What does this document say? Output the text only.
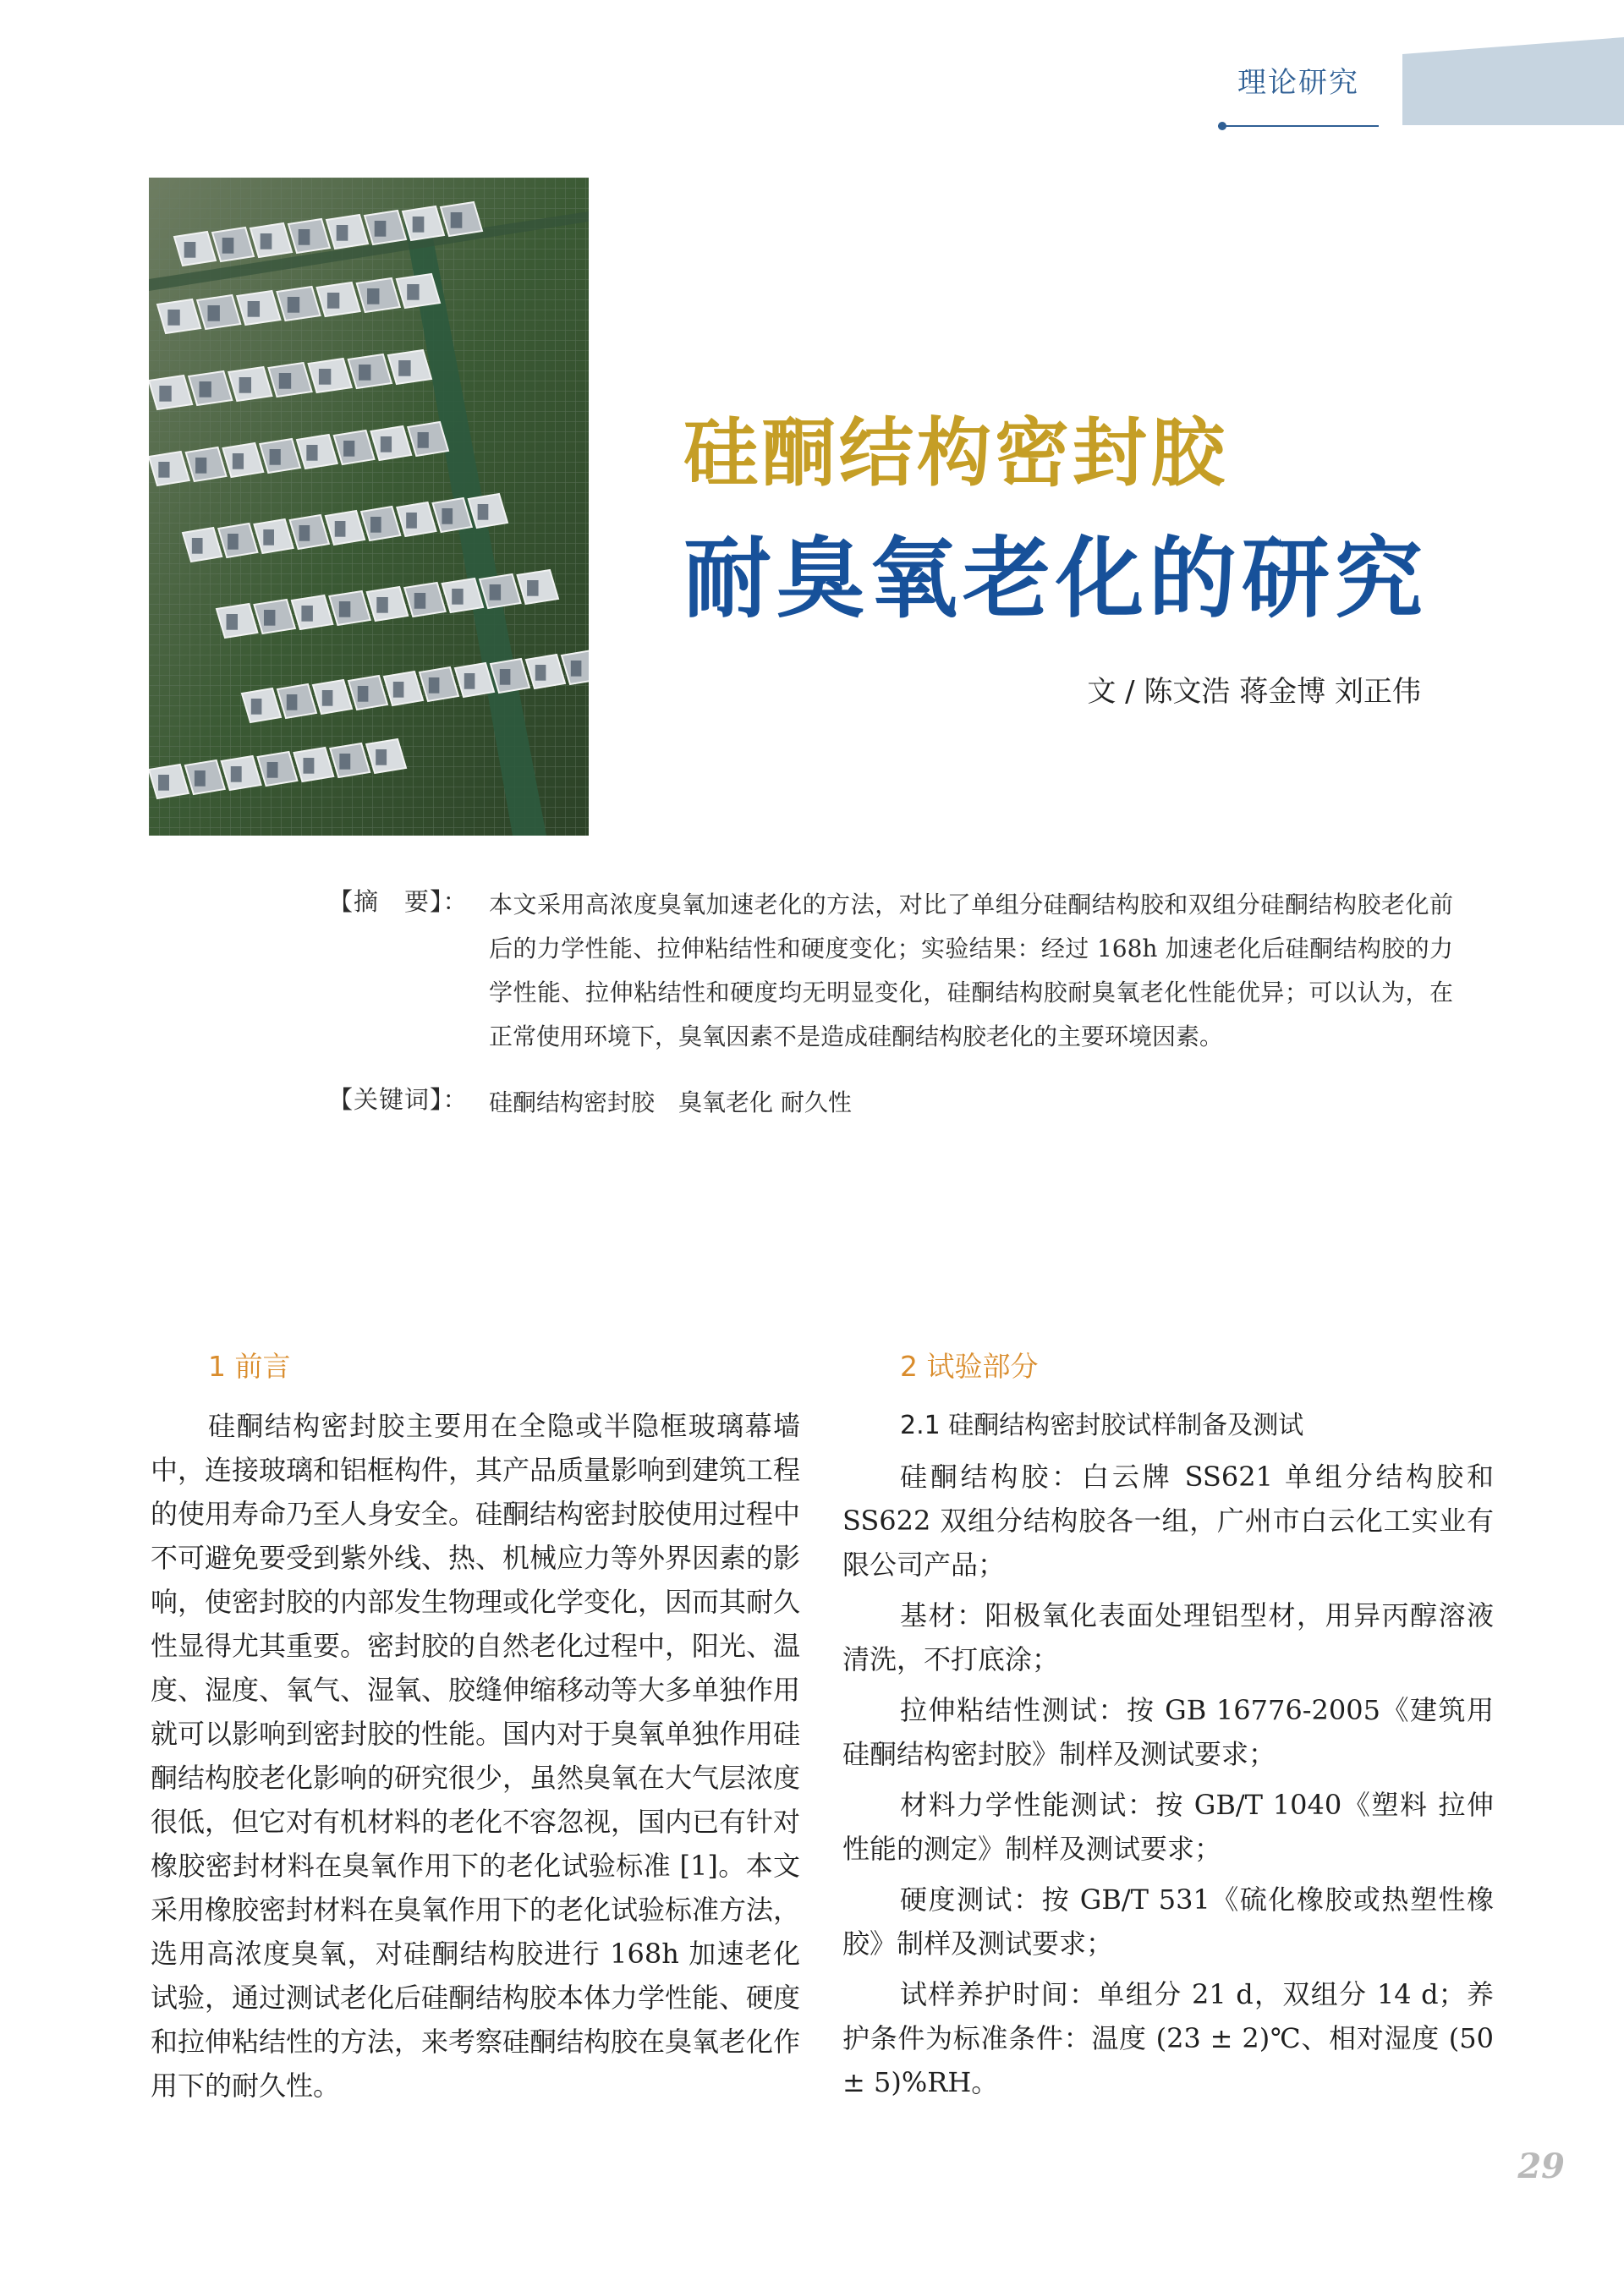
理论研究
硅酮结构密封胶
耐臭氧老化的研究
文 / 陈文浩 蒋金博 刘正伟
【摘　要】： 本文采用高浓度臭氧加速老化的方法，对比了单组分硅酮结构胶和双组分硅酮结构胶老化前后的力学性能、拉伸粘结性和硬度变化；实验结果：经过 168h 加速老化后硅酮结构胶的力学性能、拉伸粘结性和硬度均无明显变化，硅酮结构胶耐臭氧老化性能优异；可以认为，在正常使用环境下，臭氧因素不是造成硅酮结构胶老化的主要环境因素。
【关键词】： 硅酮结构密封胶　臭氧老化 耐久性
1 前言

硅酮结构密封胶主要用在全隐或半隐框玻璃幕墙中，连接玻璃和铝框构件，其产品质量影响到建筑工程的使用寿命乃至人身安全。硅酮结构密封胶使用过程中不可避免要受到紫外线、热、机械应力等外界因素的影响，使密封胶的内部发生物理或化学变化，因而其耐久性显得尤其重要。密封胶的自然老化过程中，阳光、温度、湿度、氧气、湿氧、胶缝伸缩移动等大多单独作用就可以影响到密封胶的性能。国内对于臭氧单独作用硅酮结构胶老化影响的研究很少，虽然臭氧在大气层浓度很低，但它对有机材料的老化不容忽视，国内已有针对橡胶密封材料在臭氧作用下的老化试验标准 [1]。本文采用橡胶密封材料在臭氧作用下的老化试验标准方法，选用高浓度臭氧，对硅酮结构胶进行 168h 加速老化试验，通过测试老化后硅酮结构胶本体力学性能、硬度和拉伸粘结性的方法，来考察硅酮结构胶在臭氧老化作用下的耐久性。

2 试验部分
2.1 硅酮结构密封胶试样制备及测试

硅酮结构胶：白云牌 SS621 单组分结构胶和 SS622 双组分结构胶各一组，广州市白云化工实业有限公司产品；

基材：阳极氧化表面处理铝型材，用异丙醇溶液清洗，不打底涂；

拉伸粘结性测试：按 GB 16776-2005《建筑用硅酮结构密封胶》制样及测试要求；

材料力学性能测试：按 GB/T 1040《塑料 拉伸性能的测定》制样及测试要求；

硬度测试：按 GB/T 531《硫化橡胶或热塑性橡胶》制样及测试要求；

试样养护时间：单组分 21 d，双组分 14 d；养护条件为标准条件：温度 (23 ± 2)℃、相对湿度 (50 ± 5)%RH。

29
